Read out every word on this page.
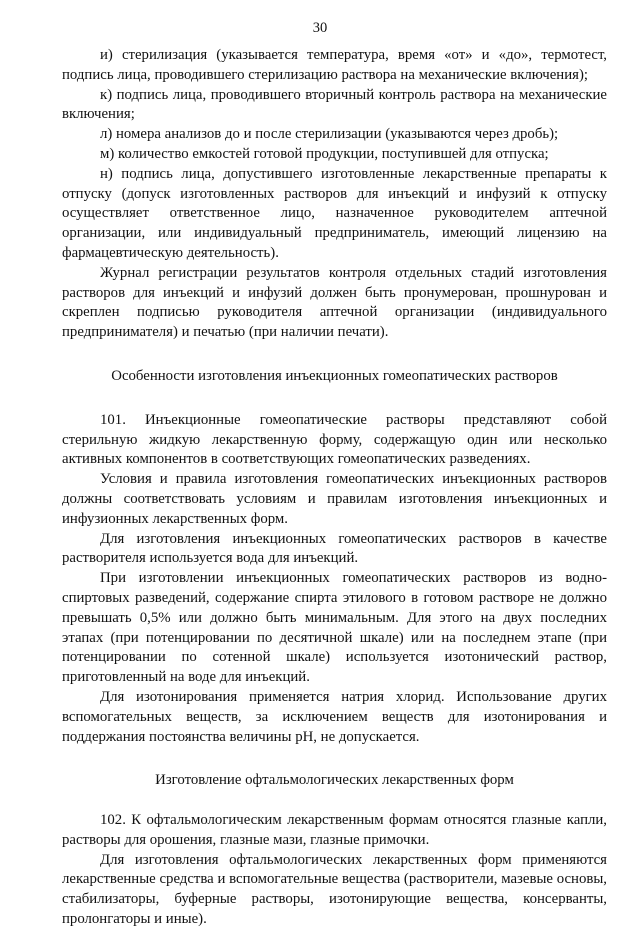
30

и) стерилизация (указывается температура, время «от» и «до», термотест, подпись лица, проводившего стерилизацию раствора на механические включения);

к) подпись лица, проводившего вторичный контроль раствора на механические включения;

л) номера анализов до и после стерилизации (указываются через дробь);

м) количество емкостей готовой продукции, поступившей для отпуска;

н) подпись лица, допустившего изготовленные лекарственные препараты к отпуску (допуск изготовленных растворов для инъекций и инфузий к отпуску осуществляет ответственное лицо, назначенное руководителем аптечной организации, или индивидуальный предприниматель, имеющий лицензию на фармацевтическую деятельность).

Журнал регистрации результатов контроля отдельных стадий изготовления растворов для инъекций и инфузий должен быть пронумерован, прошнурован и скреплен подписью руководителя аптечной организации (индивидуального предпринимателя) и печатью (при наличии печати).

Особенности изготовления инъекционных гомеопатических растворов

101. Инъекционные гомеопатические растворы представляют собой стерильную жидкую лекарственную форму, содержащую один или несколько активных компонентов в соответствующих гомеопатических разведениях.

Условия и правила изготовления гомеопатических инъекционных растворов должны соответствовать условиям и правилам изготовления инъекционных и инфузионных лекарственных форм.

Для изготовления инъекционных гомеопатических растворов в качестве растворителя используется вода для инъекций.

При изготовлении инъекционных гомеопатических растворов из водно-спиртовых разведений, содержание спирта этилового в готовом растворе не должно превышать 0,5% или должно быть минимальным. Для этого на двух последних этапах (при потенцировании по десятичной шкале) или на последнем этапе (при потенцировании по сотенной шкале) используется изотонический раствор, приготовленный на воде для инъекций.

Для изотонирования применяется натрия хлорид. Использование других вспомогательных веществ, за исключением веществ для изотонирования и поддержания постоянства величины pH, не допускается.

Изготовление офтальмологических лекарственных форм

102. К офтальмологическим лекарственным формам относятся глазные капли, растворы для орошения, глазные мази, глазные примочки.

Для изготовления офтальмологических лекарственных форм применяются лекарственные средства и вспомогательные вещества (растворители, мазевые основы, стабилизаторы, буферные растворы, изотонирующие вещества, консерванты, пролонгаторы и иные).
